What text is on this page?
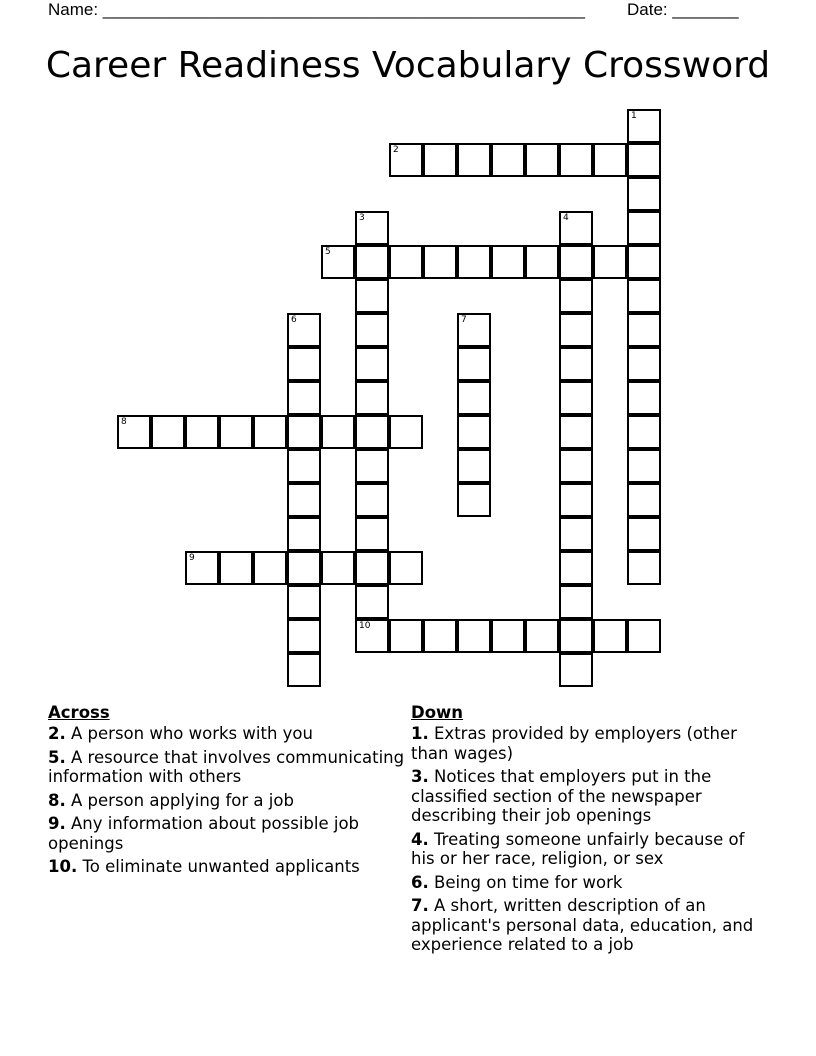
Name: ___________________________________________________ Date: _______
Career Readiness Vocabulary Crossword
1
2
3	4
5
6	7
8
9
10
Across
2. A person who works with you
5. A resource that involves communicating information with others
8. A person applying for a job
9. Any information about possible job openings
10. To eliminate unwanted applicants
Down
1. Extras provided by employers (other than wages)
3. Notices that employers put in the classified section of the newspaper describing their job openings
4. Treating someone unfairly because of his or her race, religion, or sex
6. Being on time for work
7. A short, written description of an applicant's personal data, education, and experience related to a job
